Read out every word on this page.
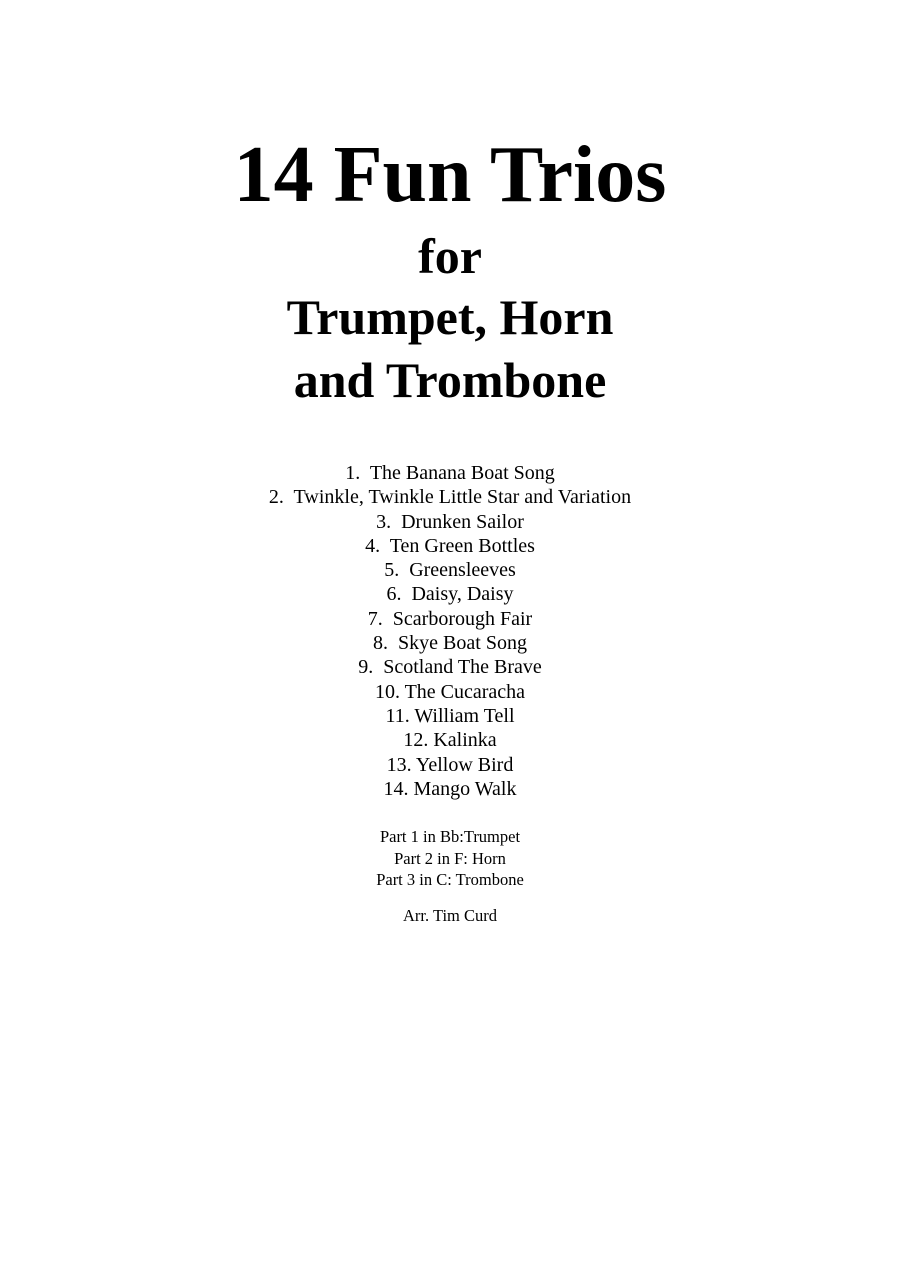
14 Fun Trios
for
Trumpet, Horn
and Trombone
1.  The Banana Boat Song
2.  Twinkle, Twinkle Little Star and Variation
3.  Drunken Sailor
4.  Ten Green Bottles
5.  Greensleeves
6.  Daisy, Daisy
7.  Scarborough Fair
8.  Skye Boat Song
9.  Scotland The Brave
10. The Cucaracha
11. William Tell
12. Kalinka
13. Yellow Bird
14. Mango Walk
Part 1 in Bb:Trumpet
Part 2 in F: Horn
Part 3 in C: Trombone
Arr. Tim Curd
